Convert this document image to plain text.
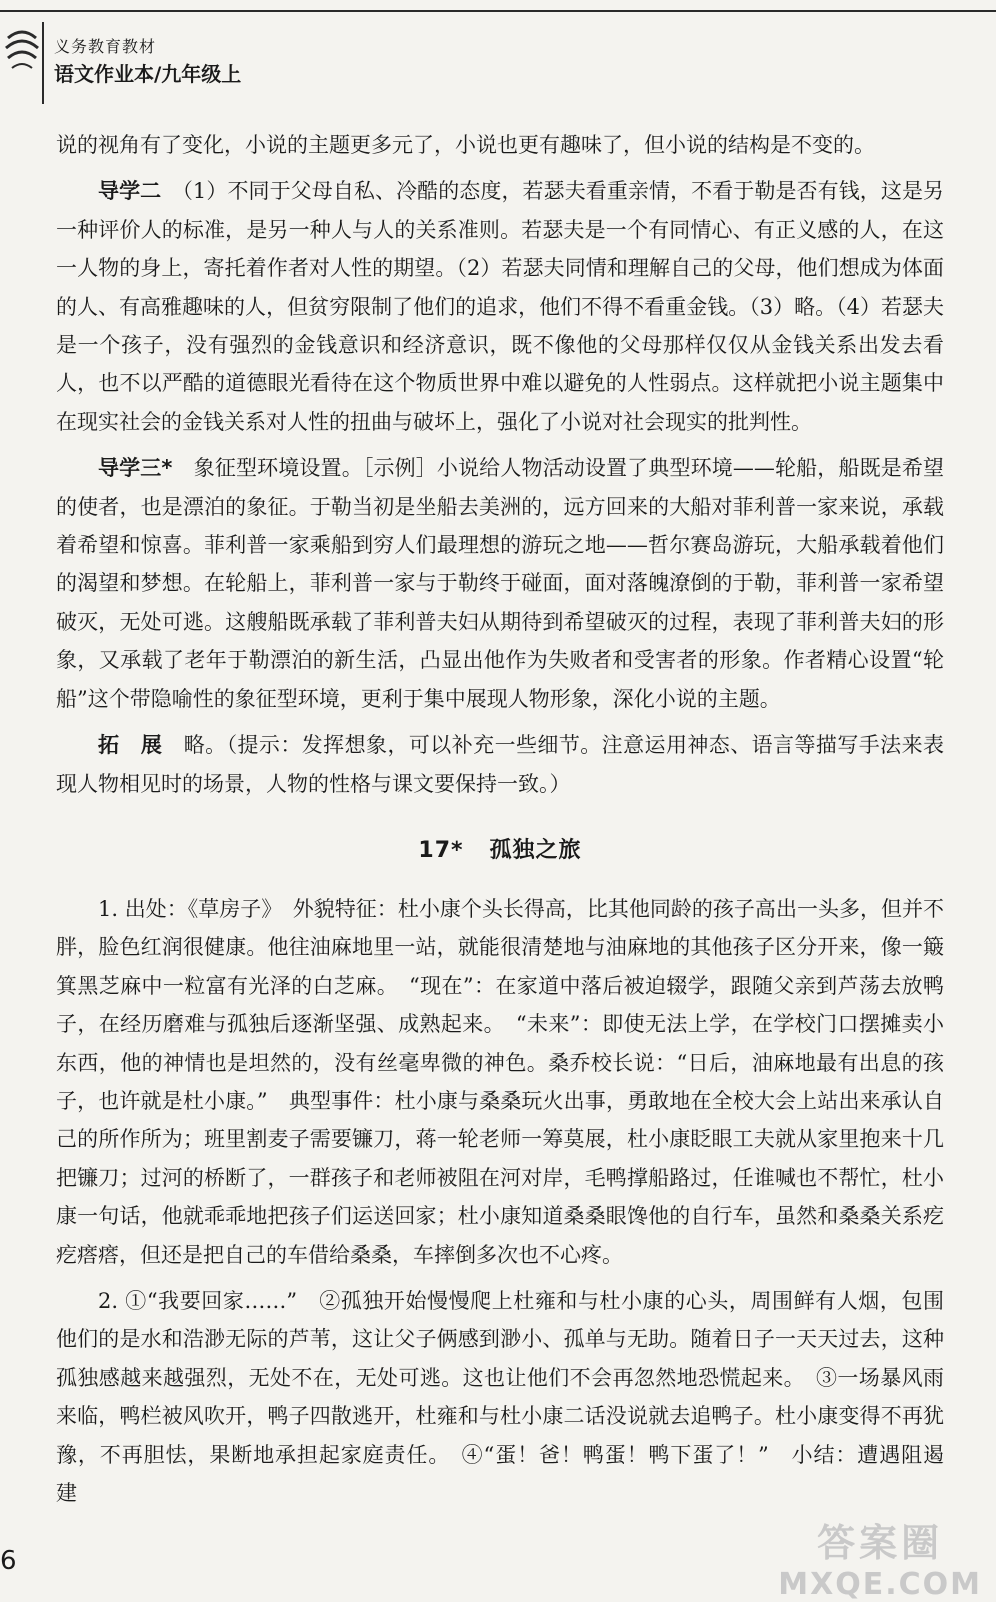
义务教育教材
语文作业本/九年级上

说的视角有了变化，小说的主题更多元了，小说也更有趣味了，但小说的结构是不变的。

导学二　 （1）不同于父母自私、冷酷的态度，若瑟夫看重亲情，不看于勒是否有钱，这是另一种评价人的标准，是另一种人与人的关系准则。若瑟夫是一个有同情心、有正义感的人，在这一人物的身上，寄托着作者对人性的期望。（2）若瑟夫同情和理解自己的父母，他们想成为体面的人、有高雅趣味的人，但贫穷限制了他们的追求，他们不得不看重金钱。（3）略。（4）若瑟夫是一个孩子，没有强烈的金钱意识和经济意识，既不像他的父母那样仅仅从金钱关系出发去看人，也不以严酷的道德眼光看待在这个物质世界中难以避免的人性弱点。这样就把小说主题集中在现实社会的金钱关系对人性的扭曲与破坏上，强化了小说对社会现实的批判性。

导学三*　 象征型环境设置。［示例］小说给人物活动设置了典型环境——轮船，船既是希望的使者，也是漂泊的象征。于勒当初是坐船去美洲的，远方回来的大船对菲利普一家来说，承载着希望和惊喜。菲利普一家乘船到穷人们最理想的游玩之地——哲尔赛岛游玩，大船承载着他们的渴望和梦想。在轮船上，菲利普一家与于勒终于碰面，面对落魄潦倒的于勒，菲利普一家希望破灭，无处可逃。这艘船既承载了菲利普夫妇从期待到希望破灭的过程，表现了菲利普夫妇的形象，又承载了老年于勒漂泊的新生活，凸显出他作为失败者和受害者的形象。作者精心设置“轮船”这个带隐喻性的象征型环境，更利于集中展现人物形象，深化小说的主题。

拓　展　 略。（提示：发挥想象，可以补充一些细节。注意运用神态、语言等描写手法来表现人物相见时的场景，人物的性格与课文要保持一致。）

17* 孤独之旅

1. 出处：《草房子》　外貌特征：杜小康个头长得高，比其他同龄的孩子高出一头多，但并不胖，脸色红润很健康。他往油麻地里一站，就能很清楚地与油麻地的其他孩子区分开来，像一簸箕黑芝麻中一粒富有光泽的白芝麻。　“现在”：在家道中落后被迫辍学，跟随父亲到芦荡去放鸭子，在经历磨难与孤独后逐渐坚强、成熟起来。　“未来”：即使无法上学，在学校门口摆摊卖小东西，他的神情也是坦然的，没有丝毫卑微的神色。桑乔校长说：“日后，油麻地最有出息的孩子，也许就是杜小康。”　典型事件：杜小康与桑桑玩火出事，勇敢地在全校大会上站出来承认自己的所作所为；班里割麦子需要镰刀，蒋一轮老师一筹莫展，杜小康眨眼工夫就从家里抱来十几把镰刀；过河的桥断了，一群孩子和老师被阻在河对岸，毛鸭撑船路过，任谁喊也不帮忙，杜小康一句话，他就乖乖地把孩子们运送回家；杜小康知道桑桑眼馋他的自行车，虽然和桑桑关系疙疙瘩瘩，但还是把自己的车借给桑桑，车摔倒多次也不心疼。

2. ①“我要回家……”　②孤独开始慢慢爬上杜雍和与杜小康的心头，周围鲜有人烟，包围他们的是水和浩渺无际的芦苇，这让父子俩感到渺小、孤单与无助。随着日子一天天过去，这种孤独感越来越强烈，无处不在，无处可逃。这也让他们不会再忽然地恐慌起来。　③一场暴风雨来临，鸭栏被风吹开，鸭子四散逃开，杜雍和与杜小康二话没说就去追鸭子。杜小康变得不再犹豫，不再胆怯，果断地承担起家庭责任。　④“蛋！爸！鸭蛋！鸭下蛋了！”　小结：遭遇阻遏　建

6	答案圈
MXQE.COM
